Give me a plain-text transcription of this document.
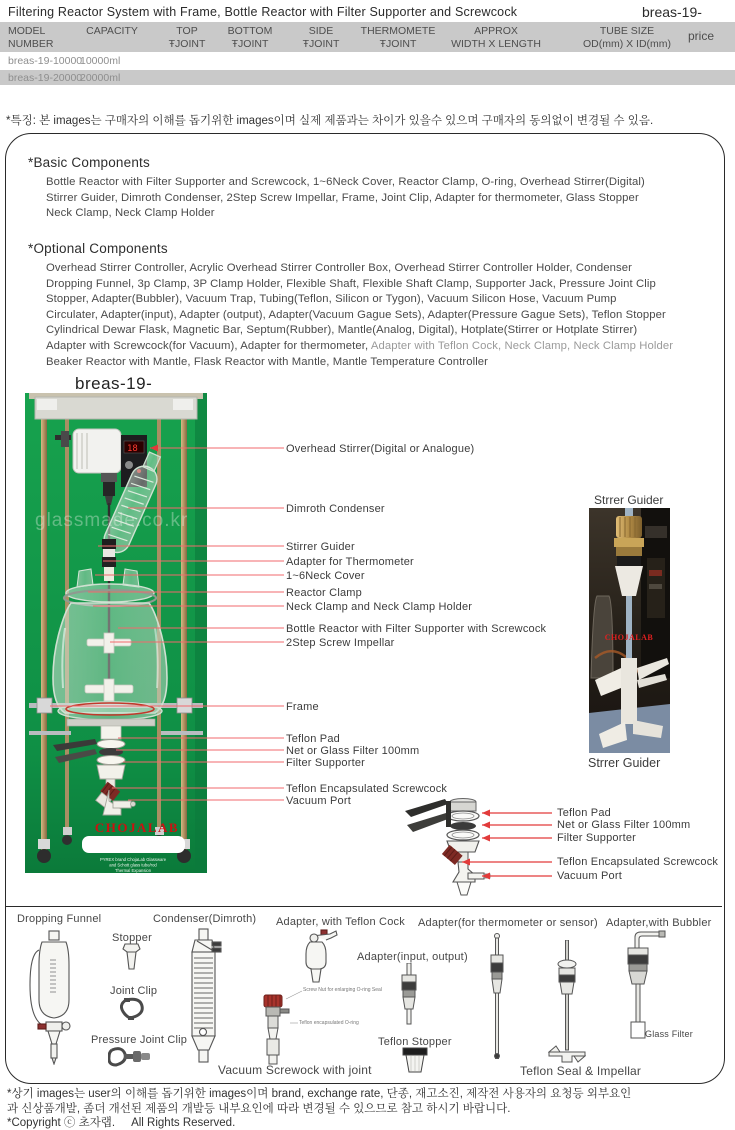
Filtering Reactor System with Frame, Bottle Reactor with Filter Supporter and Screwcock	breas-19-
MODEL
NUMBER
CAPACITY	TOP
ŦJOINT
BOTTOM
ŦJOINT
SIDE
ŦJOINT
THERMOMETE
ŦJOINT
APPROX
WIDTH X LENGTH
TUBE SIZE
OD(mm) X ID(mm)
price
breas-19-10000
10000ml
breas-19-20000
20000ml
*특징: 본 images는 구매자의 이해를 돕기위한 images이며 실제 제품과는 차이가 있을수 있으며 구매자의 동의없이 변경될 수 있음.
*Basic Components
Bottle Reactor with Filter Supporter and Screwcock, 1~6Neck Cover, Reactor Clamp, O-ring, Overhead Stirrer(Digital)
Stirrer Guider, Dimroth Condenser, 2Step Screw Impellar, Frame, Joint Clip, Adapter for thermometer, Glass Stopper
Neck Clamp, Neck Clamp Holder
*Optional Components
Overhead Stirrer Controller, Acrylic Overhead Stirrer Controller Box, Overhead Stirrer Controller Holder, Condenser
Dropping Funnel, 3p Clamp, 3P Clamp Holder, Flexible Shaft, Flexible Shaft Clamp, Supporter Jack, Pressure Joint Clip
Stopper, Adapter(Bubbler), Vacuum Trap, Tubing(Teflon, Silicon or Tygon), Vacuum Silicon Hose, Vacuum Pump
Circulater, Adapter(input), Adapter (output), Adapter(Vacuum Gague Sets), Adapter(Pressure Gague Sets), Teflon Stopper
Cylindrical Dewar Flask, Magnetic Bar, Septum(Rubber), Mantle(Analog, Digital), Hotplate(Stirrer or Hotplate Stirrer)
Adapter with Screwcock(for Vacuum), Adapter for thermometer, Adapter with Teflon Cock, Neck Clamp, Neck Clamp Holder
Beaker Reactor with Mantle, Flask Reactor with Mantle, Mantle Temperature Controller
breas-19-
18
glassmade.co.kr
CHOJALAB
PYREX brand ChojaLab Glassware
and Schott glass tube/rod
Thermal Expansion
Overhead Stirrer(Digital or Analogue)
Dimroth Condenser
Stirrer Guider
Adapter for Thermometer
1~6Neck Cover
Reactor Clamp
Neck Clamp and Neck Clamp Holder
Bottle Reactor with Filter Supporter with Screwcock
2Step Screw Impellar
Frame
Teflon Pad
Net or Glass Filter 100mm
Filter Supporter
Teflon Encapsulated Screwcock
Vacuum Port
Strrer Guider
CHOJALAB
Strrer Guider
Teflon Pad
Net or Glass Filter 100mm
Filter Supporter
Teflon Encapsulated Screwcock
Vacuum Port
Dropping Funnel
Stopper
Joint Clip
Pressure Joint Clip
Condenser(Dimroth) Adapter, with Teflon Cock
Screw Nut for enlarging O-ring Seal
Teflon encapsulated O-ring
Vacuum Screwock with joint
Adapter(input, output)
Teflon Stopper
Adapter(for thermometer or sensor)
Teflon Seal & Impellar
Adapter,with Bubbler
Glass Filter
*상기 images는 user의 이해를 돕기위한 images이며 brand, exchange rate, 단종, 재고소진, 제작전 사용자의 요청등 외부요인
과 신상품개발, 좀더 개선된 제품의 개발등 내부요인에 따라 변경될 수 있으므로 참고 하시기 바랍니다.
*Copyright ⓒ 초자랩.     All Rights Reserved.
